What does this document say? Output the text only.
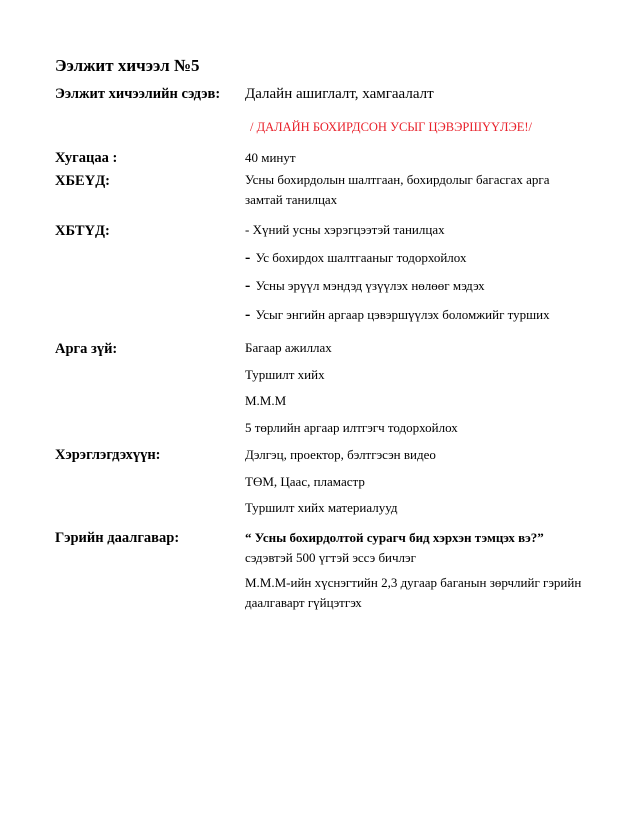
Ээлжит хичээл №5
Ээлжит хичээлийн сэдэв: Далайн ашиглалт, хамгаалалт
/ ДАЛАЙН БОХИРДСОН УСЫГ ЦЭВЭРШҮҮЛЭЕ!/
Хугацаа :	40 минут
ХБЕҮД:	Усны бохирдолын шалтгаан, бохирдолыг багасгах арга замтай танилцах
ХБТҮД:	- Хүний усны хэрэгцээтэй танилцах
- Ус бохирдох шалтгааныг тодорхойлох
- Усны эрүүл мэндэд үзүүлэх нөлөөг мэдэх
- Усыг энгийн аргаар цэвэршүүлэх боломжийг турших
Арга зүй:	Багаар ажиллах
Туршилт хийх
М.М.М
5 төрлийн аргаар илтгэгч тодорхойлох
Хэрэглэгдэхүүн:	Дэлгэц, проектор, бэлтгэсэн видео
ТӨМ, Цаас, пламастр
Туршилт хийх материалууд
Гэрийн даалгавар:	“ Усны бохирдолтой сурагч бид хэрхэн тэмцэх вэ?”
сэдэвтэй 500 үгтэй эссэ бичлэг
М.М.М-ийн хүснэгтийн 2,3 дугаар баганын зөрчлийг гэрийн даалгаварт гүйцэтгэх
